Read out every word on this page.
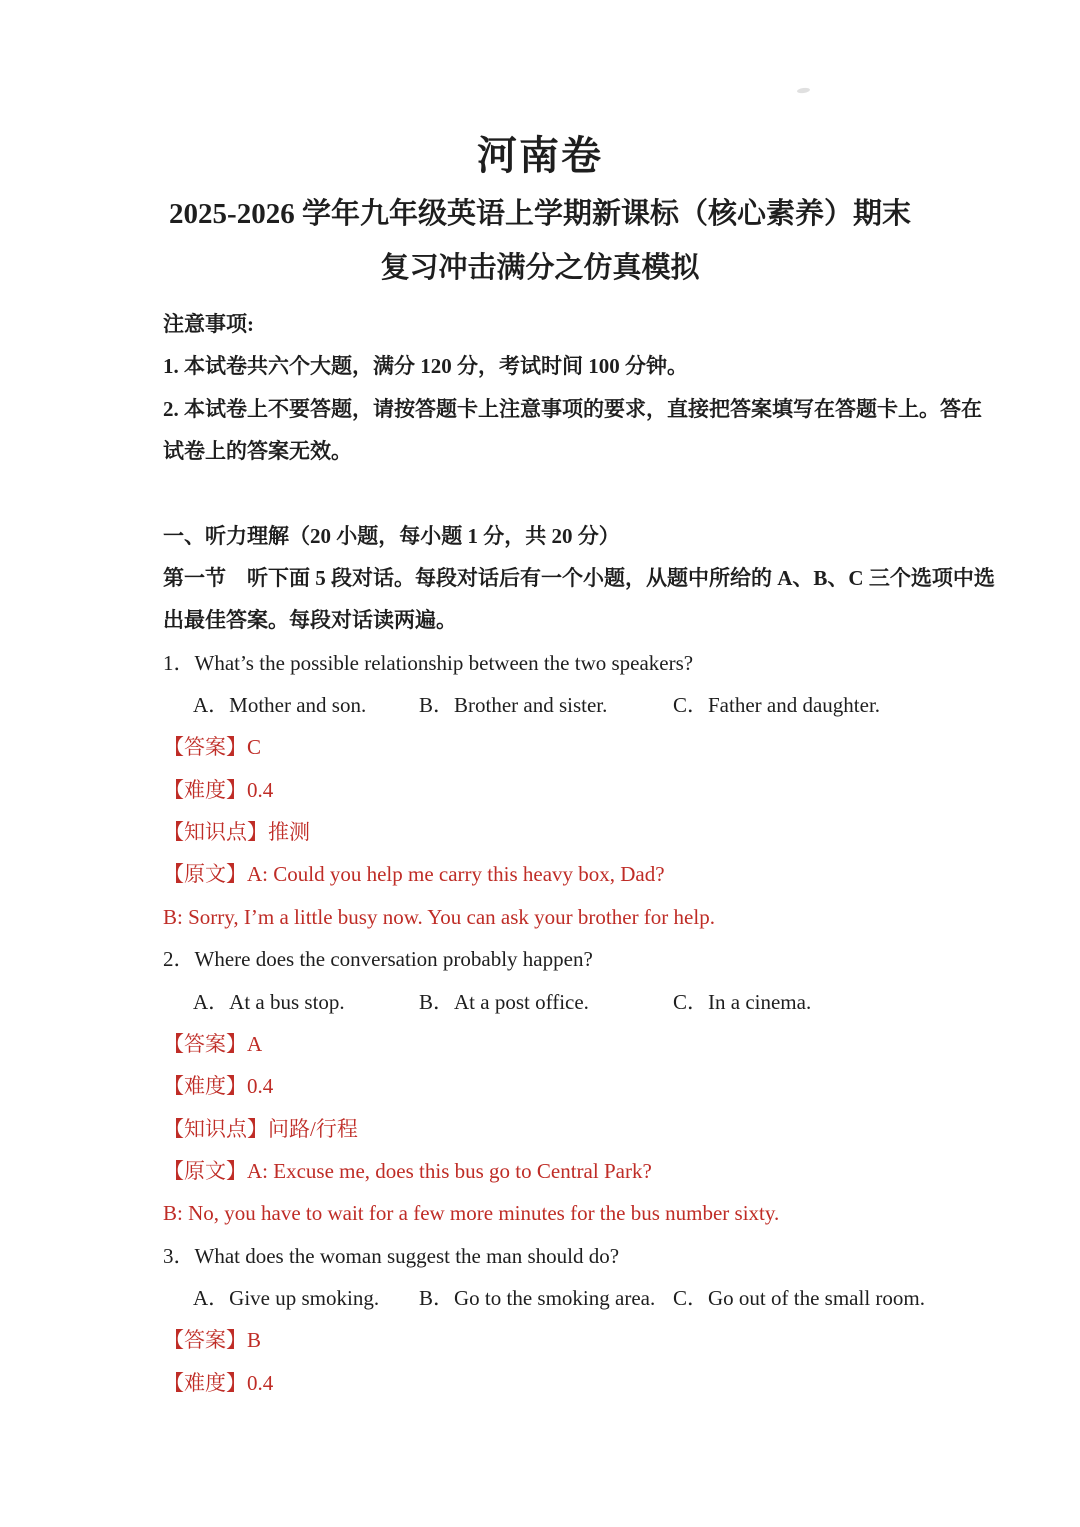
河南卷
2025-2026 学年九年级英语上学期新课标（核心素养）期末
复习冲击满分之仿真模拟
注意事项:
1. 本试卷共六个大题，满分 120 分，考试时间 100 分钟。
2. 本试卷上不要答题，请按答题卡上注意事项的要求，直接把答案填写在答题卡上。答在
试卷上的答案无效。
一、听力理解（20 小题，每小题 1 分，共 20 分）
第一节　听下面 5 段对话。每段对话后有一个小题，从题中所给的 A、B、C 三个选项中选
出最佳答案。每段对话读两遍。
1．What’s the possible relationship between the two speakers?
A．Mother and son.	B．Brother and sister.	C．Father and daughter.
【答案】C
【难度】0.4
【知识点】推测
【原文】A: Could you help me carry this heavy box, Dad?
B: Sorry, I’m a little busy now. You can ask your brother for help.
2．Where does the conversation probably happen?
A．At a bus stop.	B．At a post office.	C．In a cinema.
【答案】A
【难度】0.4
【知识点】问路/行程
【原文】A: Excuse me, does this bus go to Central Park?
B: No, you have to wait for a few more minutes for the bus number sixty.
3．What does the woman suggest the man should do?
A．Give up smoking.	B．Go to the smoking area. C．Go out of the small room.
【答案】B
【难度】0.4
